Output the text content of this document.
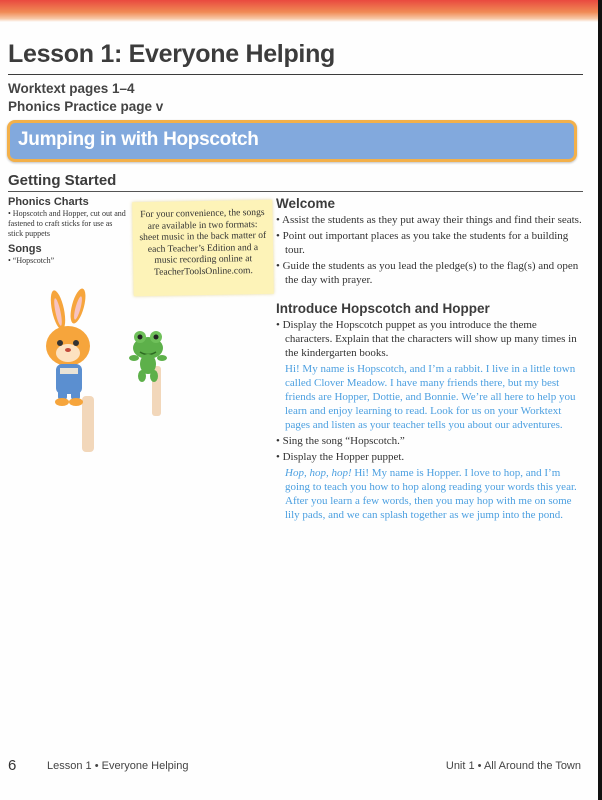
Lesson 1: Everyone Helping
Worktext pages 1–4
Phonics Practice page v
Jumping in with Hopscotch
Getting Started

Phonics Charts

• Hopscotch and Hopper, cut out and fastened to craft sticks for use as stick puppets

Songs

• “Hopscotch”

For your convenience, the songs are available in two formats: sheet music in the back matter of each Teacher’s Edition and a music recording online at TeacherToolsOnline.com.
Welcome

• Assist the students as they put away their things and find their seats.

• Point out important places as you take the students for a building tour.

• Guide the students as you lead the pledge(s) to the flag(s) and open the day with prayer.

Introduce Hopscotch and Hopper

• Display the Hopscotch puppet as you introduce the theme characters. Explain that the characters will show up many times in the kindergarten books.

Hi! My name is Hopscotch, and I’m a rabbit. I live in a little town called Clover Meadow. I have many friends there, but my best friends are Hopper, Dottie, and Bonnie. We’re all here to help you learn and enjoy learning to read. Look for us on your Worktext pages and listen as your teacher tells you about our adventures.

• Sing the song “Hopscotch.”

• Display the Hopper puppet.

Hop, hop, hop! Hi! My name is Hopper. I love to hop, and I’m going to teach you how to hop along reading your words this year. After you learn a few words, then you may hop with me on some lily pads, and we can splash together as we jump into the pond.

6	Lesson 1 • Everyone Helping	Unit 1 • All Around the Town
